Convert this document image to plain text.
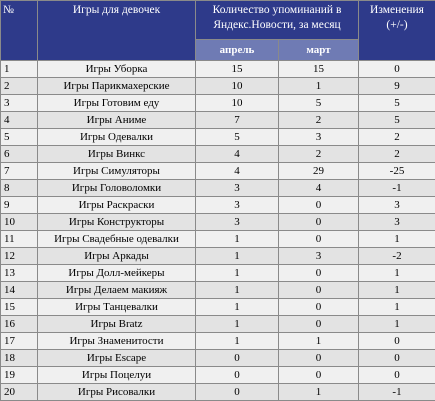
№	Игры для девочек	Количество упоминаний в Яндекс.Новости, за месяц		Изменения (+/-)
		апрель	март	
1	Игры Уборка	15	15	0
2	Игры Парикмахерские	10	1	9
3	Игры Готовим еду	10	5	5
4	Игры Аниме	7	2	5
5	Игры Одевалки	5	3	2
6	Игры Винкс	4	2	2
7	Игры Симуляторы	4	29	-25
8	Игры Головоломки	3	4	-1
9	Игры Раскраски	3	0	3
10	Игры Конструкторы	3	0	3
11	Игры Свадебные одевалки	1	0	1
12	Игры Аркады	1	3	-2
13	Игры Долл-мейкеры	1	0	1
14	Игры Делаем макияж	1	0	1
15	Игры Танцевалки	1	0	1
16	Игры Bratz	1	0	1
17	Игры Знаменитости	1	1	0
18	Игры Escape	0	0	0
19	Игры Поцелуи	0	0	0
20	Игры Рисовалки	0	1	-1
